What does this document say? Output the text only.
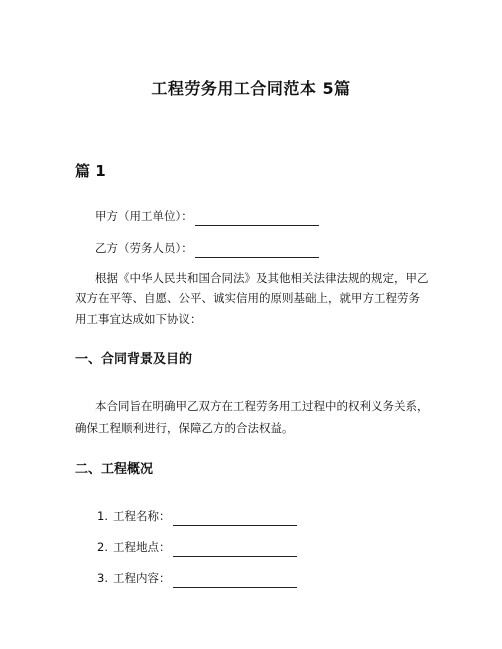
工程劳务用工合同范本 5篇
篇 1
甲方（用工单位）：
乙方（劳务人员）：
根据《中华人民共和国合同法》及其他相关法律法规的规定，甲乙
双方在平等、自愿、公平、诚实信用的原则基础上，就甲方工程劳务
用工事宜达成如下协议：
一、合同背景及目的
本合同旨在明确甲乙双方在工程劳务用工过程中的权利义务关系，
确保工程顺利进行，保障乙方的合法权益。
二、工程概况
1. 工程名称：
2. 工程地点：
3. 工程内容：
